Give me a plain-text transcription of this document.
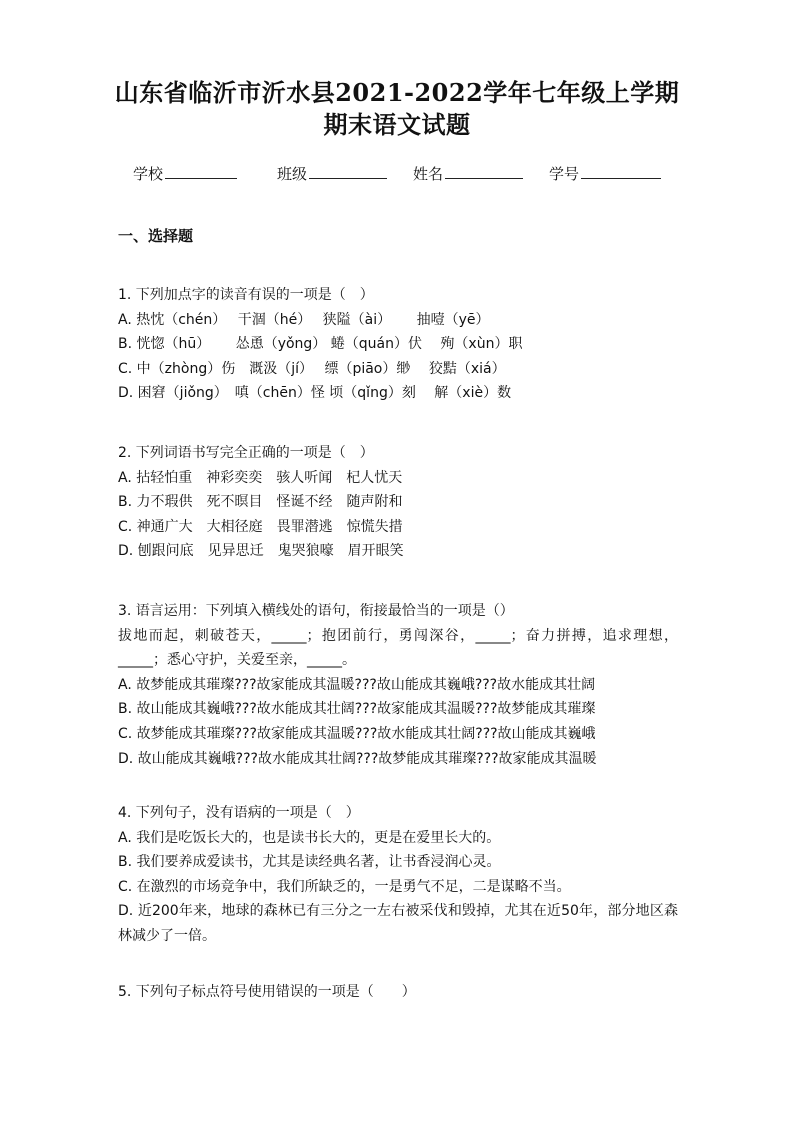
山东省临沂市沂水县2021-2022学年七年级上学期
期末语文试题
学校	班级	姓名	学号
一、选择题
1. 下列加点字的读音有误的一项是（　）
A. 热忱（chén）　 干涸（hé）　 狭隘（ài）　　 抽噎（yē）
B. 恍惚（hū）　　 怂恿（yǒng） 蜷（quán）伏　 殉（xùn）职
C. 中（zhòng）伤　溉汲（jí）　 缥（piāo）缈　 狡黠（xiá）
D. 困窘（jiǒng）　嗔（chēn）怪 顷（qǐng）刻　 解（xiè）数
2. 下列词语书写完全正确的一项是（　）
A. 拈轻怕重　神彩奕奕　骇人听闻　杞人忧天
B. 力不瑕供　死不暝目　怪诞不经　随声附和
C. 神通广大　大相径庭　畏罪潜逃　惊慌失措
D. 刨跟问底　见异思迁　鬼哭狼嚎　眉开眼笑
3. 语言运用：下列填入横线处的语句，衔接最恰当的一项是（）
拔地而起，刺破苍天，_____；抱团前行，勇闯深谷，_____；奋力拼搏，追求理想，_____；悉心守护，关爱至亲，_____。
A. 故梦能成其璀璨???故家能成其温暖???故山能成其巍峨???故水能成其壮阔
B. 故山能成其巍峨???故水能成其壮阔???故家能成其温暖???故梦能成其璀璨
C. 故梦能成其璀璨???故家能成其温暖???故水能成其壮阔???故山能成其巍峨
D. 故山能成其巍峨???故水能成其壮阔???故梦能成其璀璨???故家能成其温暖
4. 下列句子，没有语病的一项是（　）
A. 我们是吃饭长大的，也是读书长大的，更是在爱里长大的。
B. 我们要养成爱读书，尤其是读经典名著，让书香浸润心灵。
C. 在激烈的市场竞争中，我们所缺乏的，一是勇气不足，二是谋略不当。
D. 近200年来，地球的森林已有三分之一左右被采伐和毁掉，尤其在近50年，部分地区森林减少了一倍。
5. 下列句子标点符号使用错误的一项是（　　）
